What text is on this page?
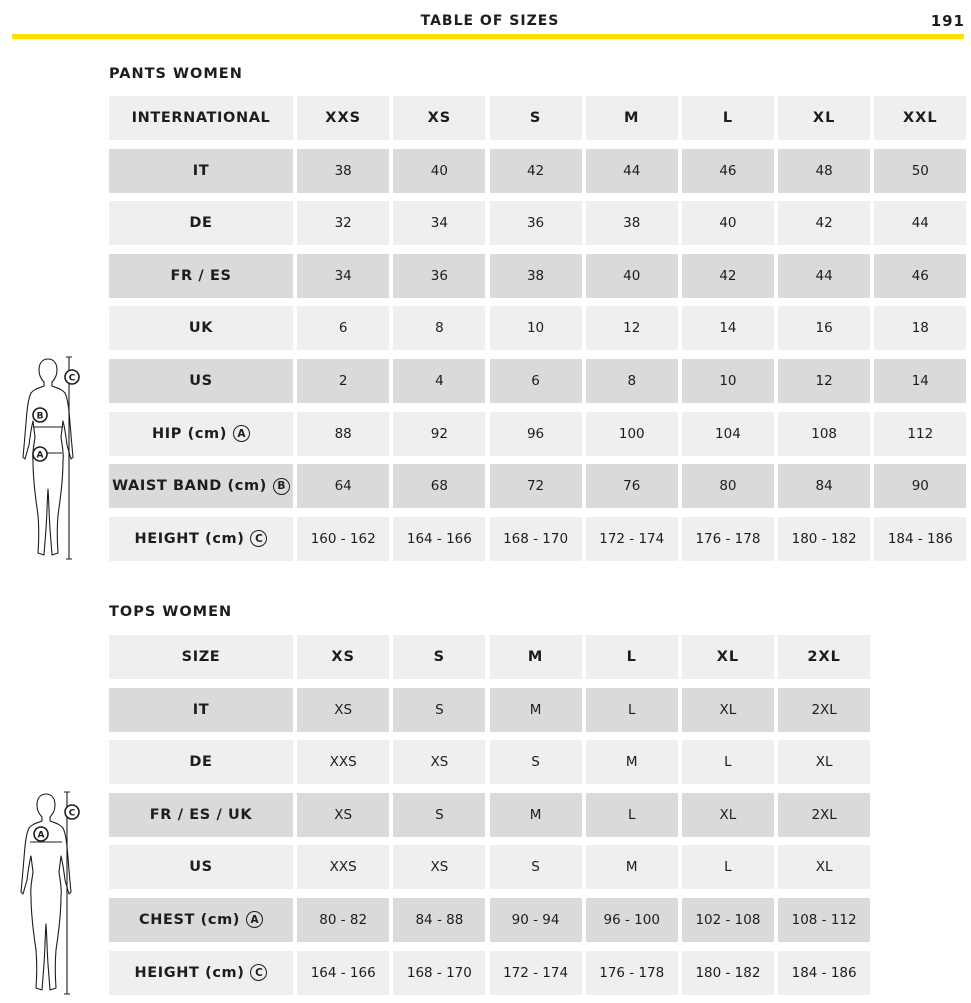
TABLE OF SIZES	191
PANTS WOMEN
INTERNATIONAL	XXS	XS	S	M	L	XL	XXL
IT	38	40	42	44	46	48	50
DE	32	34	36	38	40	42	44
FR / ES	34	36	38	40	42	44	46
UK	6	8	10	12	14	16	18
US	2	4	6	8	10	12	14
HIP (cm) A	88	92	96	100	104	108	112
WAIST BAND (cm) B	64	68	72	76	80	84	90
HEIGHT (cm)	C	160 - 162	164 - 166	168 - 170	172 - 174	176 - 178	180 - 182	184 - 186
C
B
A
TOPS WOMEN
SIZE	XS	S	M	L	XL	2XL
IT	XS	S	M	L	XL	2XL
DE	XXS	XS	S	M	L	XL
FR / ES / UK	XS	S	M	L	XL	2XL
US	XXS	XS	S	M	L	XL
CHEST (cm) A	80 - 82	84 - 88	90 - 94	96 - 100	102 - 108	108 - 112
HEIGHT (cm)	C	164 - 166	168 - 170	172 - 174	176 - 178	180 - 182	184 - 186
C
A
